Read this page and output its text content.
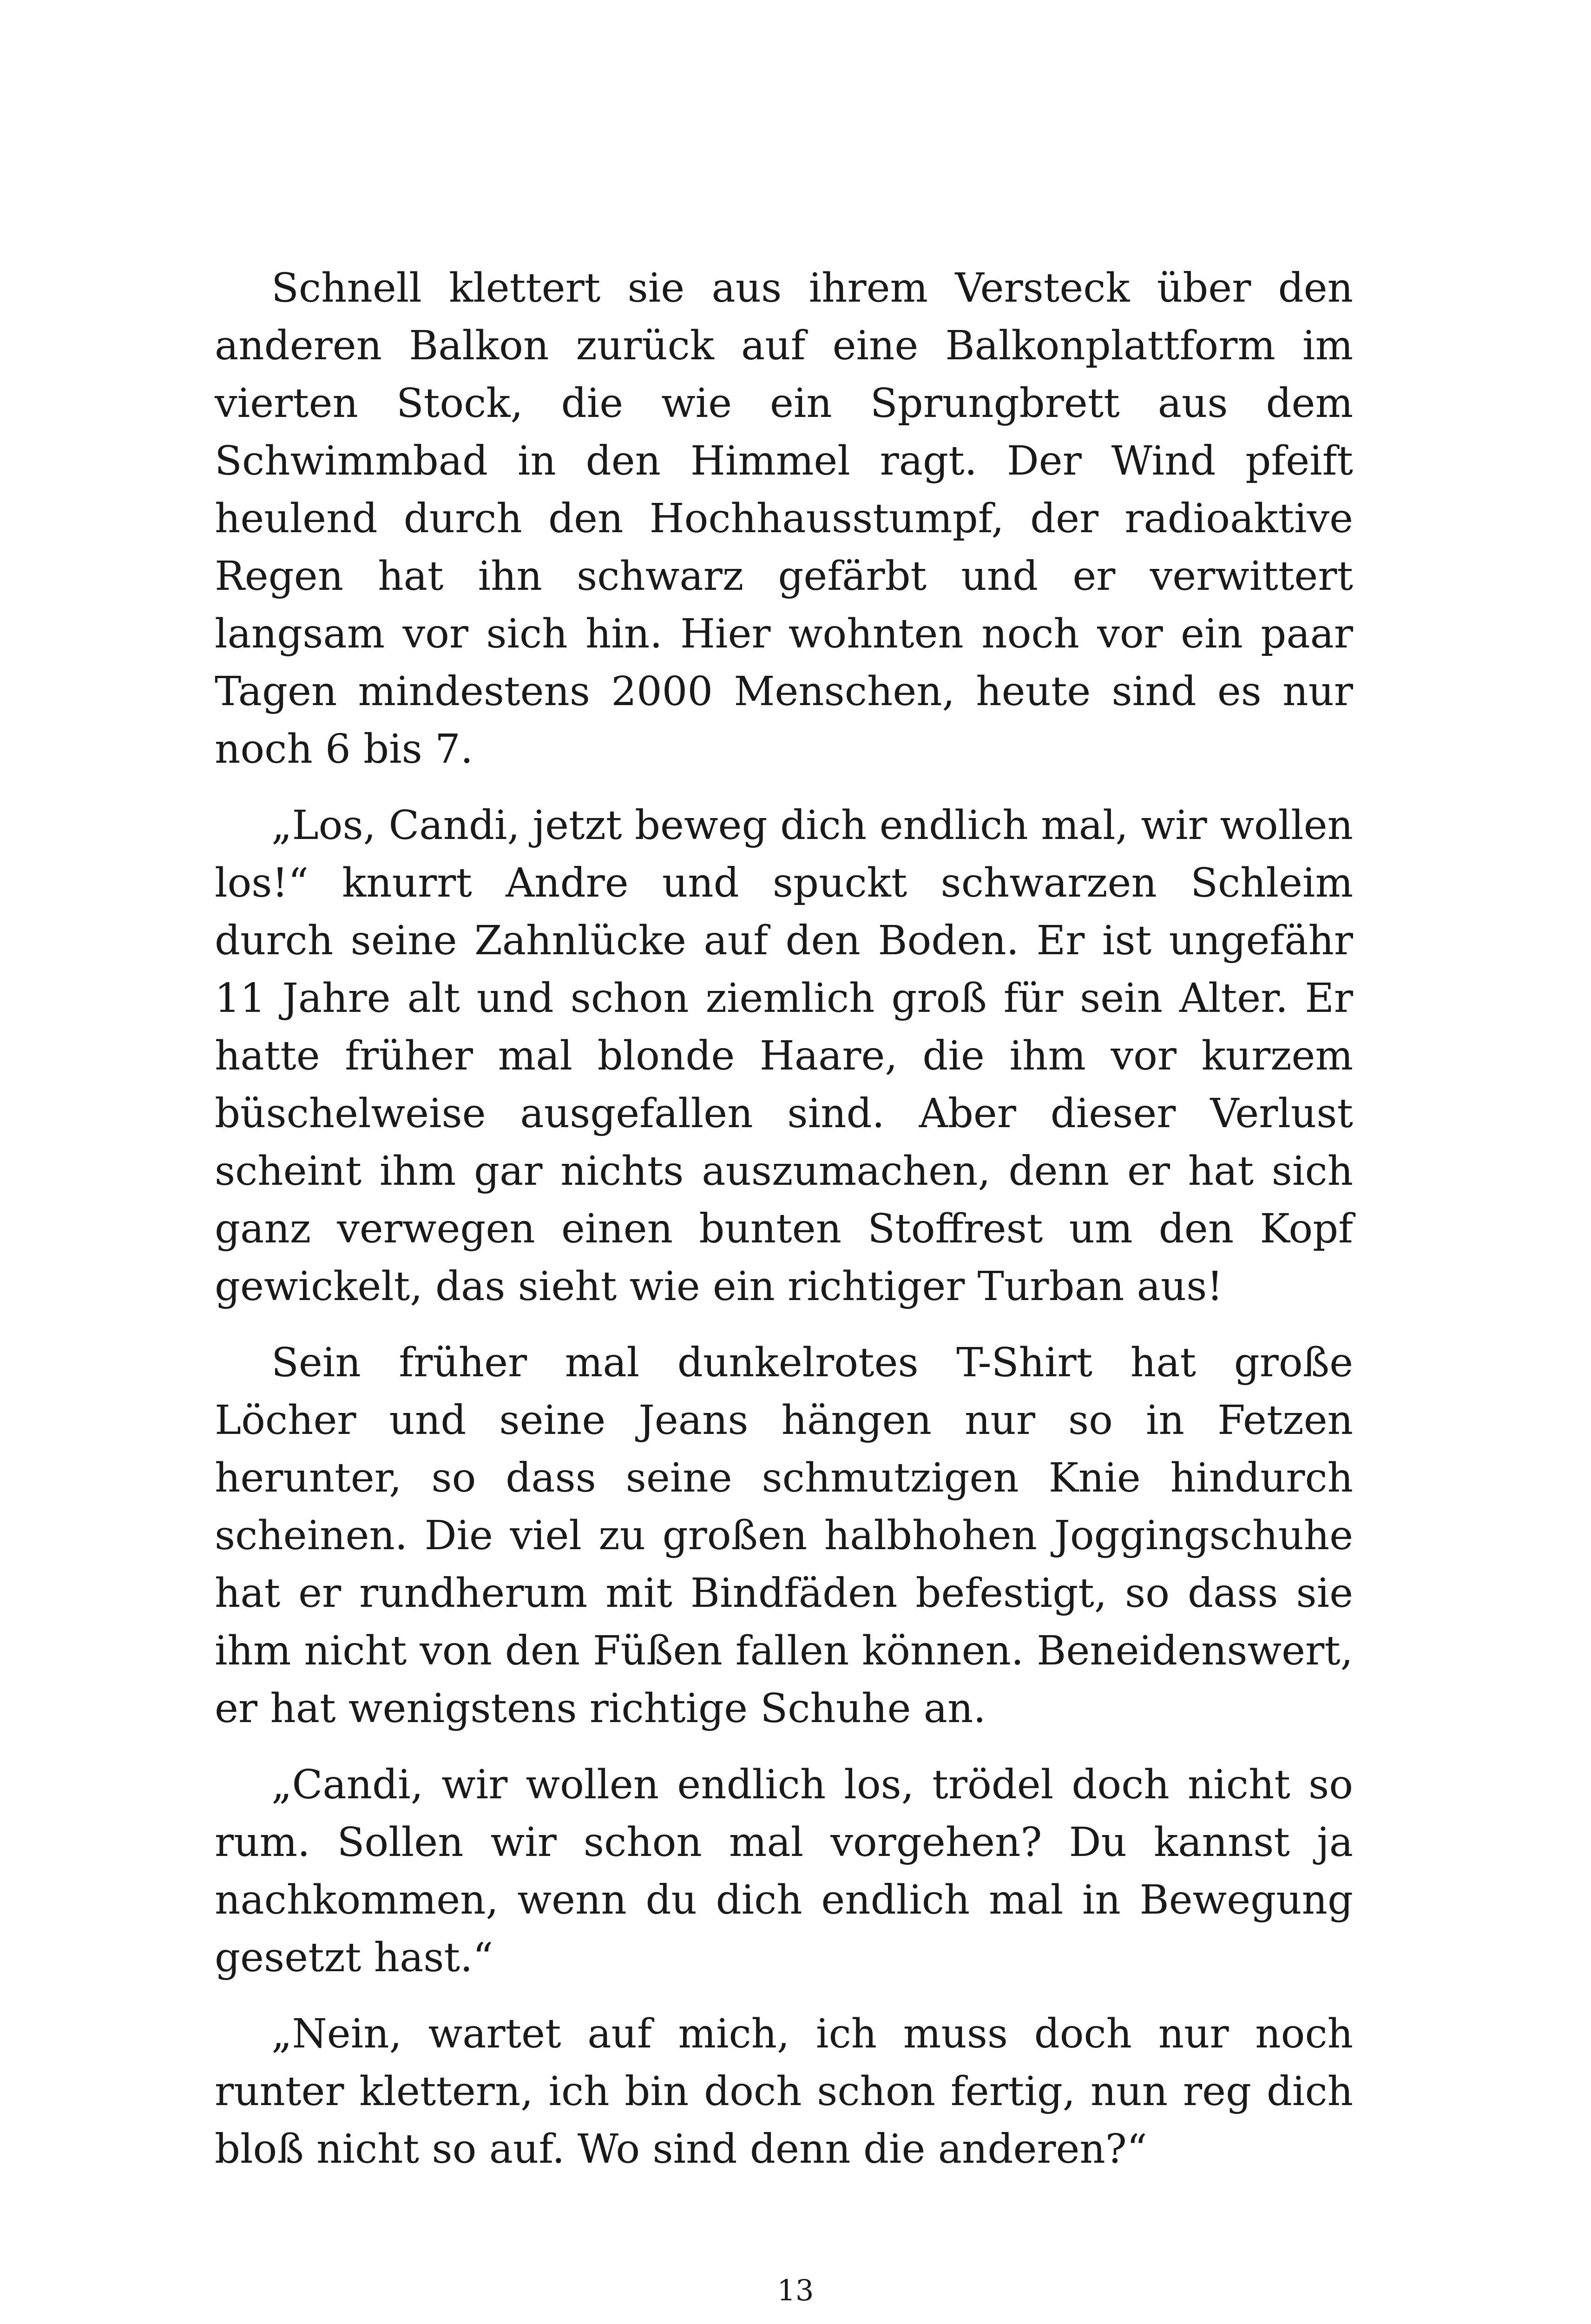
Schnell klettert sie aus ihrem Versteck über den anderen Balkon zurück auf eine Balkonplattform im vierten Stock, die wie ein Sprungbrett aus dem Schwimmbad in den Himmel ragt. Der Wind pfeift heulend durch den Hochhausstumpf, der radioaktive Regen hat ihn schwarz gefärbt und er verwittert langsam vor sich hin. Hier wohnten noch vor ein paar Tagen mindestens 2000 Menschen, heute sind es nur noch 6 bis 7.

„Los, Candi, jetzt beweg dich endlich mal, wir wollen los!“ knurrt Andre und spuckt schwarzen Schleim durch seine Zahnlücke auf den Boden. Er ist ungefähr 11 Jahre alt und schon ziemlich groß für sein Alter. Er hatte früher mal blonde Haare, die ihm vor kurzem büschelweise ausgefallen sind. Aber dieser Verlust scheint ihm gar nichts auszumachen, denn er hat sich ganz verwegen einen bunten Stoffrest um den Kopf gewickelt, das sieht wie ein richtiger Turban aus!

Sein früher mal dunkelrotes T-Shirt hat große Löcher und seine Jeans hängen nur so in Fetzen herunter, so dass seine schmutzigen Knie hindurch scheinen. Die viel zu großen halbhohen Joggingschuhe hat er rundherum mit Bindfäden befestigt, so dass sie ihm nicht von den Füßen fallen können. Beneidenswert, er hat wenigstens richtige Schuhe an.

„Candi, wir wollen endlich los, trödel doch nicht so rum. Sollen wir schon mal vorgehen? Du kannst ja nachkommen, wenn du dich endlich mal in Bewegung gesetzt hast.“

„Nein, wartet auf mich, ich muss doch nur noch runter klettern, ich bin doch schon fertig, nun reg dich bloß nicht so auf. Wo sind denn die anderen?“

13
